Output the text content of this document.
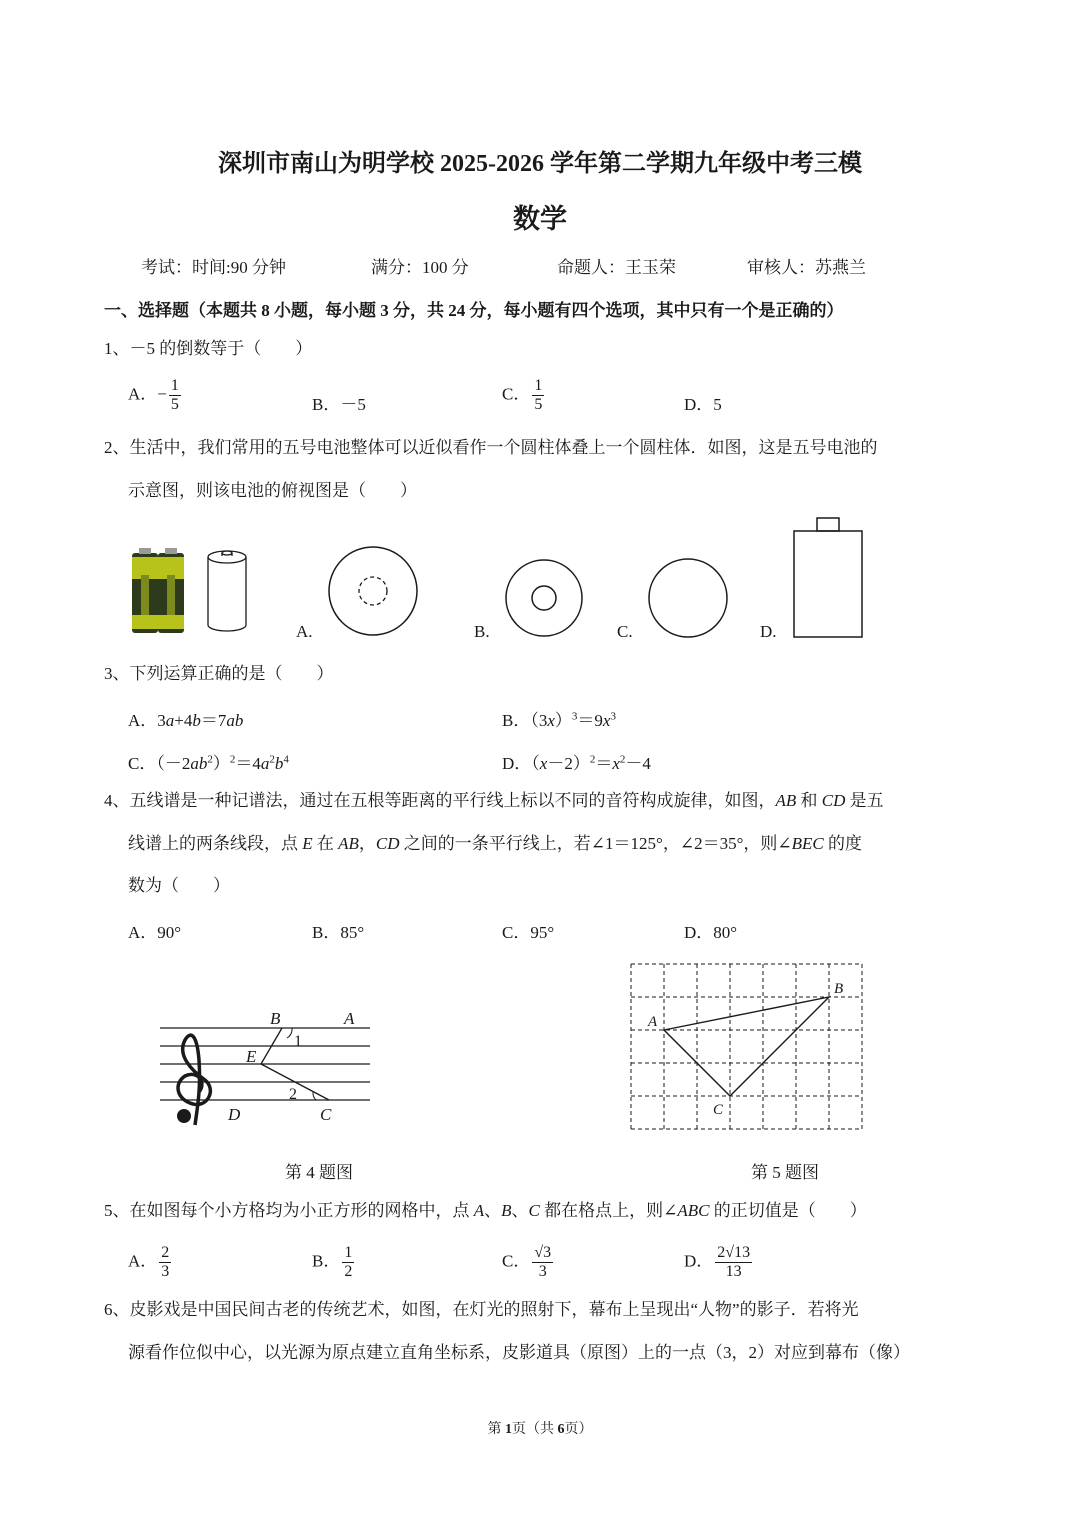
深圳市南山为明学校 2025-2026 学年第二学期九年级中考三模
数学
考试：时间:90 分钟	满分：100 分	命题人：王玉荣	审核人：苏燕兰
一、选择题（本题共 8 小题，每小题 3 分，共 24 分，每小题有四个选项，其中只有一个是正确的）
1、－5 的倒数等于（　　）
A．− $\frac{1}{5}$	B．－5
C． $\frac{1}{5}$	D．5
2、生活中，我们常用的五号电池整体可以近似看作一个圆柱体叠上一个圆柱体．如图，这是五号电池的
示意图，则该电池的俯视图是（　　）
A.	B.	C.	D.
3、下列运算正确的是（　　）
A．3a+4b＝7ab	B．$(3x)^3=9x^3$
C．$(-2ab^2)^2=4a^2b^4$	D．$(x-2)^2=x^2-4$
4、五线谱是一种记谱法，通过在五根等距离的平行线上标以不同的音符构成旋律，如图，AB 和 CD 是五
线谱上的两条线段，点 E 在 AB，CD 之间的一条平行线上，若∠1＝125°，∠2＝35°，则∠BEC 的度
数为（　　）
A．90°	B．85°	C．95°	D．80°
B	A
E
D	C
1
2
第 4 题图
A
B
C
第 5 题图
5、在如图每个小方格均为小正方形的网格中，点 A、B、C 都在格点上，则∠ABC 的正切值是（　　）
A． $\frac{2}{3}$	B． $\frac{1}{2}$	C． $\frac{√3}{3}$	D． $\frac{2√13}{13}$
6、皮影戏是中国民间古老的传统艺术，如图，在灯光的照射下，幕布上呈现出“人物”的影子．若将光
源看作位似中心，以光源为原点建立直角坐标系，皮影道具（原图）上的一点（3，2）对应到幕布（像）
第 1页（共 6页）
